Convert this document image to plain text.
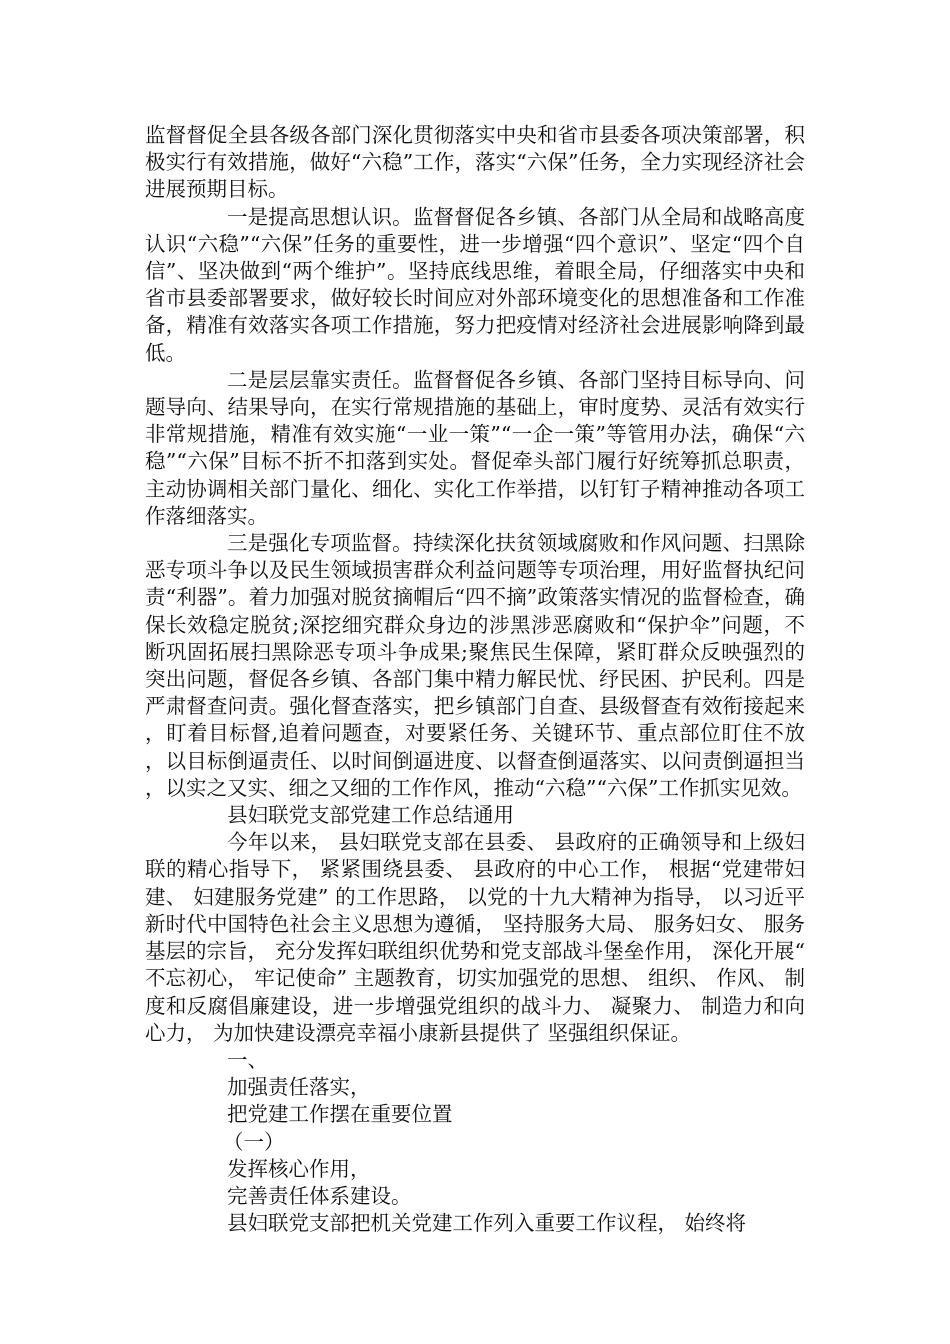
监督督促全县各级各部门深化贯彻落实中央和省市县委各项决策部署，积极实行有效措施，做好“六稳”工作，落实“六保”任务，全力实现经济社会进展预期目标。

一是提高思想认识。监督督促各乡镇、各部门从全局和战略高度认识“六稳”“六保”任务的重要性，进一步增强“四个意识”、坚定“四个自信”、坚决做到“两个维护”。坚持底线思维，着眼全局，仔细落实中央和省市县委部署要求，做好较长时间应对外部环境变化的思想准备和工作准备，精准有效落实各项工作措施，努力把疫情对经济社会进展影响降到最低。

二是层层靠实责任。监督督促各乡镇、各部门坚持目标导向、问题导向、结果导向，在实行常规措施的基础上，审时度势、灵活有效实行非常规措施，精准有效实施“一业一策”“一企一策”等管用办法，确保“六稳”“六保”目标不折不扣落到实处。督促牵头部门履行好统筹抓总职责，主动协调相关部门量化、细化、实化工作举措，以钉钉子精神推动各项工作落细落实。

三是强化专项监督。持续深化扶贫领域腐败和作风问题、扫黑除恶专项斗争以及民生领域损害群众利益问题等专项治理，用好监督执纪问责“利器”。着力加强对脱贫摘帽后“四不摘”政策落实情况的监督检查，确保长效稳定脱贫;深挖细究群众身边的涉黑涉恶腐败和“保护伞”问题，不断巩固拓展扫黑除恶专项斗争成果;聚焦民生保障，紧盯群众反映强烈的突出问题，督促各乡镇、各部门集中精力解民忧、纾民困、护民利。四是严肃督查问责。强化督查落实，把乡镇部门自查、县级督查有效衔接起来，盯着目标督,追着问题查，对要紧任务、关键环节、重点部位盯住不放，以目标倒逼责任、以时间倒逼进度、以督查倒逼落实、以问责倒逼担当，以实之又实、细之又细的工作作风，推动“六稳”“六保”工作抓实见效。

县妇联党支部党建工作总结通用

今年以来， 县妇联党支部在县委、 县政府的正确领导和上级妇联的精心指导下， 紧紧围绕县委、 县政府的中心工作， 根据“党建带妇建、 妇建服务党建” 的工作思路， 以党的十九大精神为指导， 以习近平新时代中国特色社会主义思想为遵循， 坚持服务大局、 服务妇女、 服务基层的宗旨， 充分发挥妇联组织优势和党支部战斗堡垒作用， 深化开展“不忘初心， 牢记使命” 主题教育，切实加强党的思想、 组织、 作风、 制度和反腐倡廉建设，进一步增强党组织的战斗力、 凝聚力、 制造力和向心力， 为加快建设漂亮幸福小康新县提供了 坚强组织保证。

一、

加强责任落实，

把党建工作摆在重要位置

（一）

发挥核心作用，

完善责任体系建设。

县妇联党支部把机关党建工作列入重要工作议程， 始终将
